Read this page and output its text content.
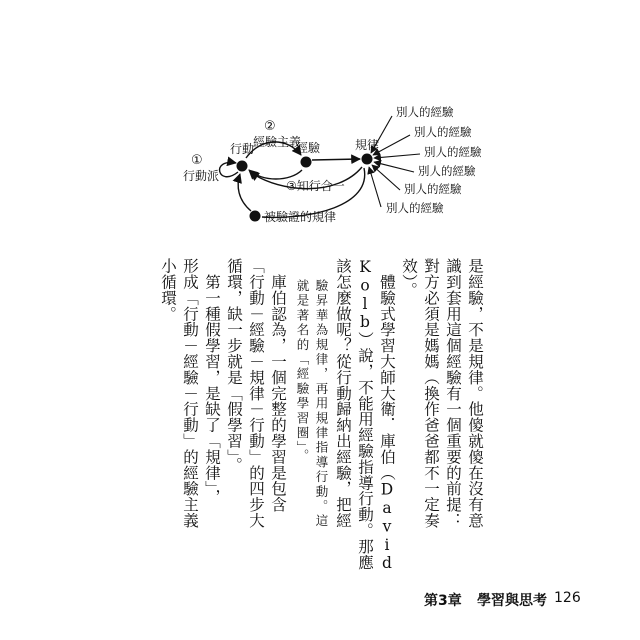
①
行動派
行動
②
經驗主義
經驗	規律
③知行合一
被驗證的規律
別人的經驗
別人的經驗
別人的經驗
別人的經驗
別人的經驗
別人的經驗
是經驗，不是規律。他傻就傻在沒有意
識到套用這個經驗有一個重要的前提：
對方必須是媽媽（換作爸爸都不一定奏
效）。
　體驗式學習大師大衛．庫伯（David
Kolb）說，不能用經驗指導行動。那應
該怎麼做呢？從行動歸納出經驗，把經
驗昇華為規律，再用規律指導行動。這
就是著名的「經驗學習圈」。
　庫伯認為，一個完整的學習是包含
「行動－經驗－規律－行動」的四步大
循環，缺一步就是「假學習」。
　第一種假學習，是缺了「規律」，
形成「行動－經驗－行動」的經驗主義
小循環。
第3章 學習與思考 126
